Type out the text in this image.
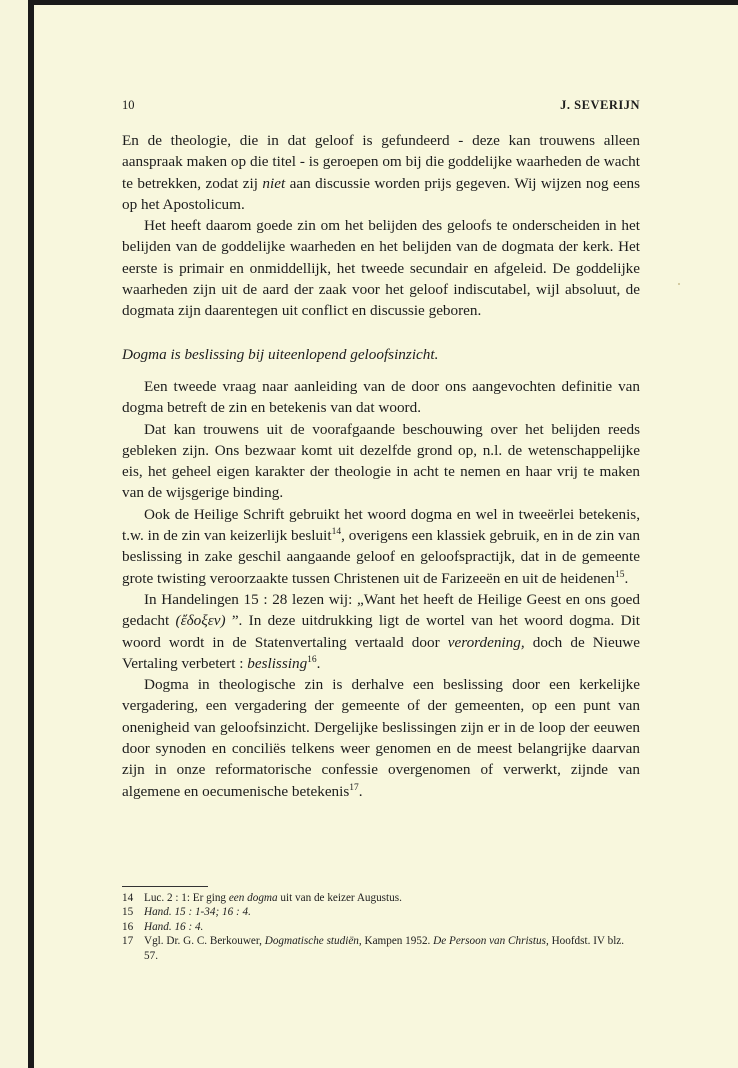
10	J. SEVERIJN

En de theologie, die in dat geloof is gefundeerd - deze kan trouwens alleen aanspraak maken op die titel - is geroepen om bij die goddelijke waarheden de wacht te betrekken, zodat zij niet aan discussie worden prijs gegeven. Wij wijzen nog eens op het Apostolicum.

Het heeft daarom goede zin om het belijden des geloofs te onderscheiden in het belijden van de goddelijke waarheden en het belijden van de dogmata der kerk. Het eerste is primair en onmiddellijk, het tweede secundair en afgeleid. De goddelijke waarheden zijn uit de aard der zaak voor het geloof indiscutabel, wijl absoluut, de dogmata zijn daarentegen uit conflict en discussie geboren.

Dogma is beslissing bij uiteenlopend geloofsinzicht.

Een tweede vraag naar aanleiding van de door ons aangevochten definitie van dogma betreft de zin en betekenis van dat woord.

Dat kan trouwens uit de voorafgaande beschouwing over het belijden reeds gebleken zijn. Ons bezwaar komt uit dezelfde grond op, n.l. de wetenschappelijke eis, het geheel eigen karakter der theologie in acht te nemen en haar vrij te maken van de wijsgerige binding.

Ook de Heilige Schrift gebruikt het woord dogma en wel in tweeërlei betekenis, t.w. in de zin van keizerlijk besluit$^{14}$, overigens een klassiek gebruik, en in de zin van beslissing in zake geschil aangaande geloof en geloofspractijk, dat in de gemeente grote twisting veroorzaakte tussen Christenen uit de Farizeeën en uit de heidenen$^{15}$.

In Handelingen 15 : 28 lezen wij: „Want het heeft de Heilige Geest en ons goed gedacht (ἔδοξεν) ”. In deze uitdrukking ligt de wortel van het woord dogma. Dit woord wordt in de Statenvertaling vertaald door verordening, doch de Nieuwe Vertaling verbetert : beslissing$^{16}$.

Dogma in theologische zin is derhalve een beslissing door een kerkelijke vergadering, een vergadering der gemeente of der gemeenten, op een punt van onenigheid van geloofsinzicht. Dergelijke beslissingen zijn er in de loop der eeuwen door synoden en conciliës telkens weer genomen en de meest belangrijke daarvan zijn in onze reformatorische confessie overgenomen of verwerkt, zijnde van algemene en oecumenische betekenis$^{17}$.

14 Luc. 2 : 1: Er ging een dogma uit van de keizer Augustus.
15 Hand. 15 : 1-34; 16 : 4.
16 Hand. 16 : 4.
17 Vgl. Dr. G. C. Berkouwer, Dogmatische studiën, Kampen 1952. De Persoon van Christus, Hoofdst. IV blz. 57.
